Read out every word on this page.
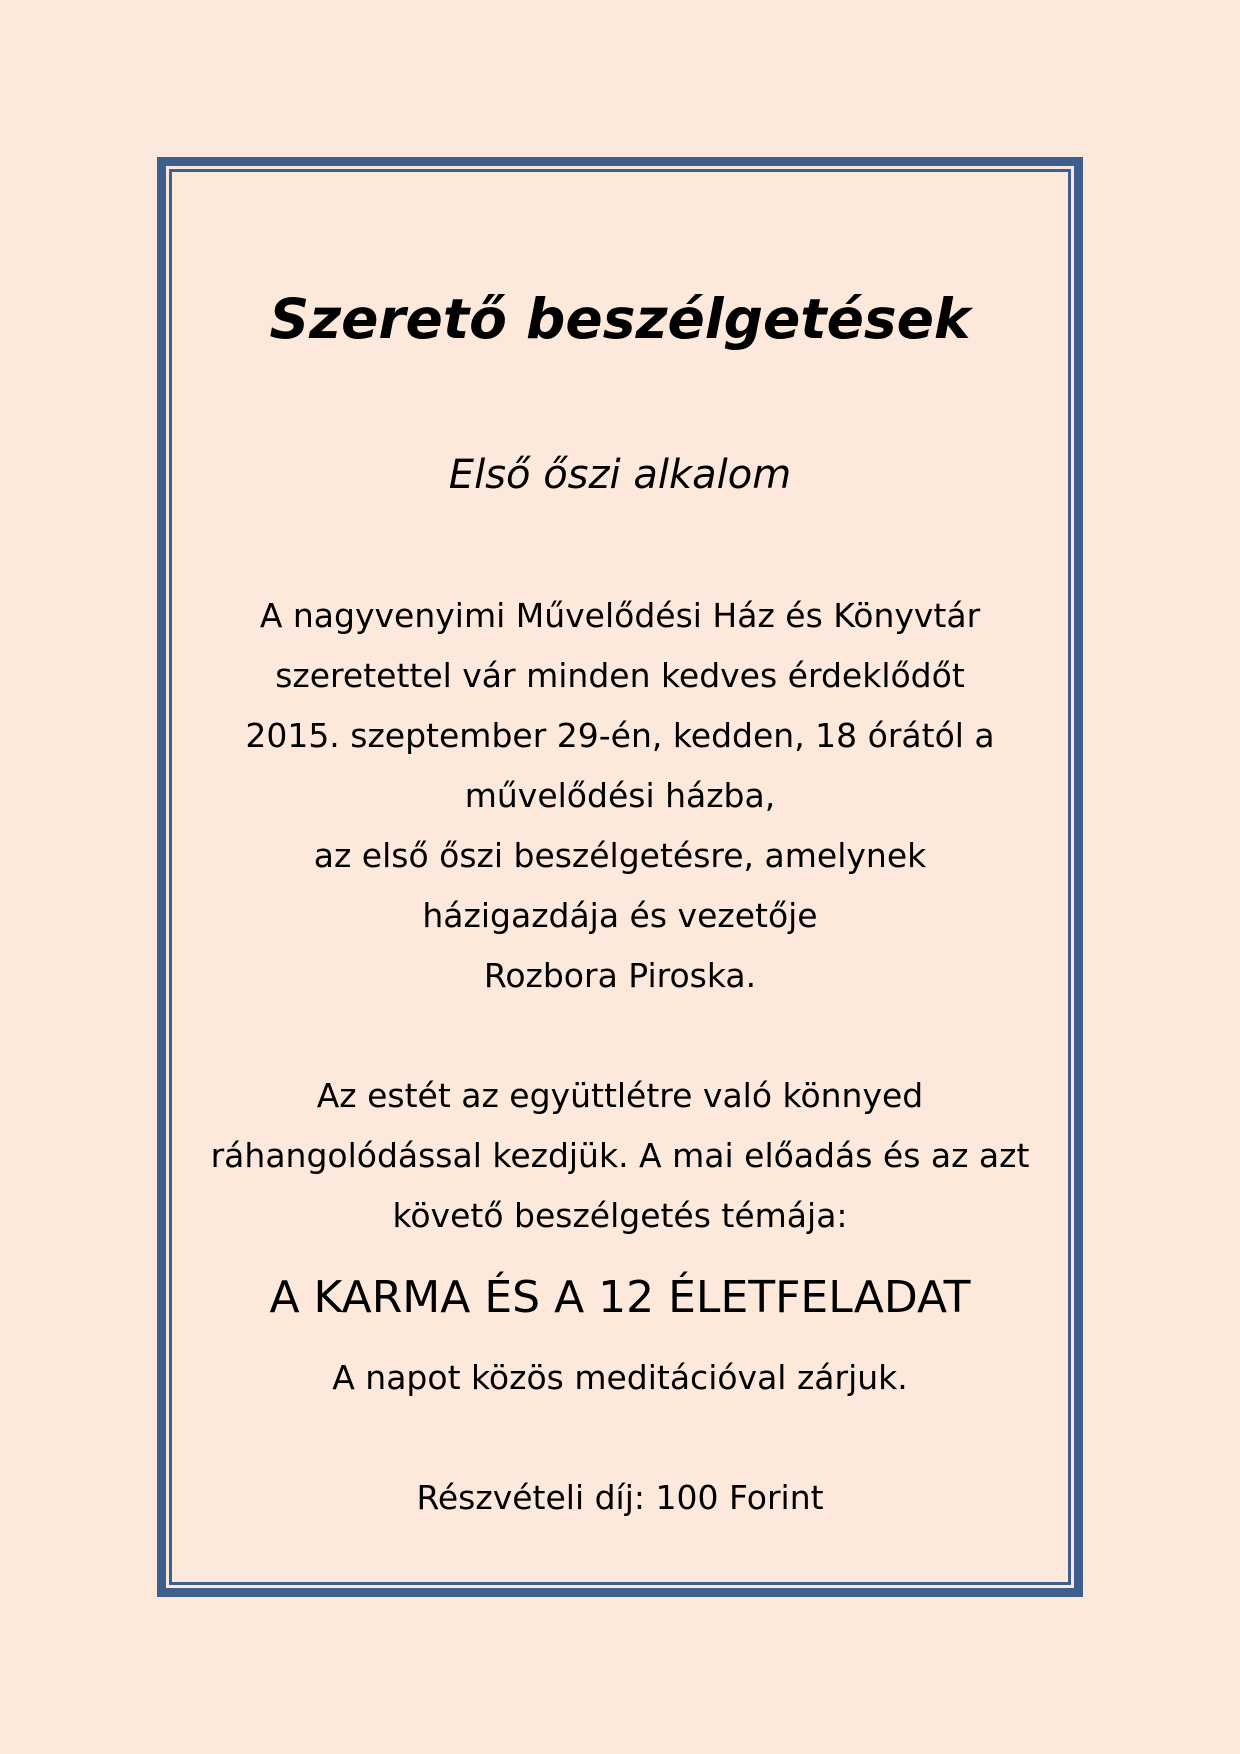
Szerető beszélgetések
Első őszi alkalom

A nagyvenyimi Művelődési Ház és Könyvtár
szeretettel vár minden kedves érdeklődőt
2015. szeptember 29-én, kedden, 18 órától a
művelődési házba,
az első őszi beszélgetésre, amelynek
házigazdája és vezetője
Rozbora Piroska.

Az estét az együttlétre való könnyed
ráhangolódással kezdjük. A mai előadás és az azt
követő beszélgetés témája:

A KARMA ÉS A 12 ÉLETFELADAT

A napot közös meditációval zárjuk.

Részvételi díj: 100 Forint
